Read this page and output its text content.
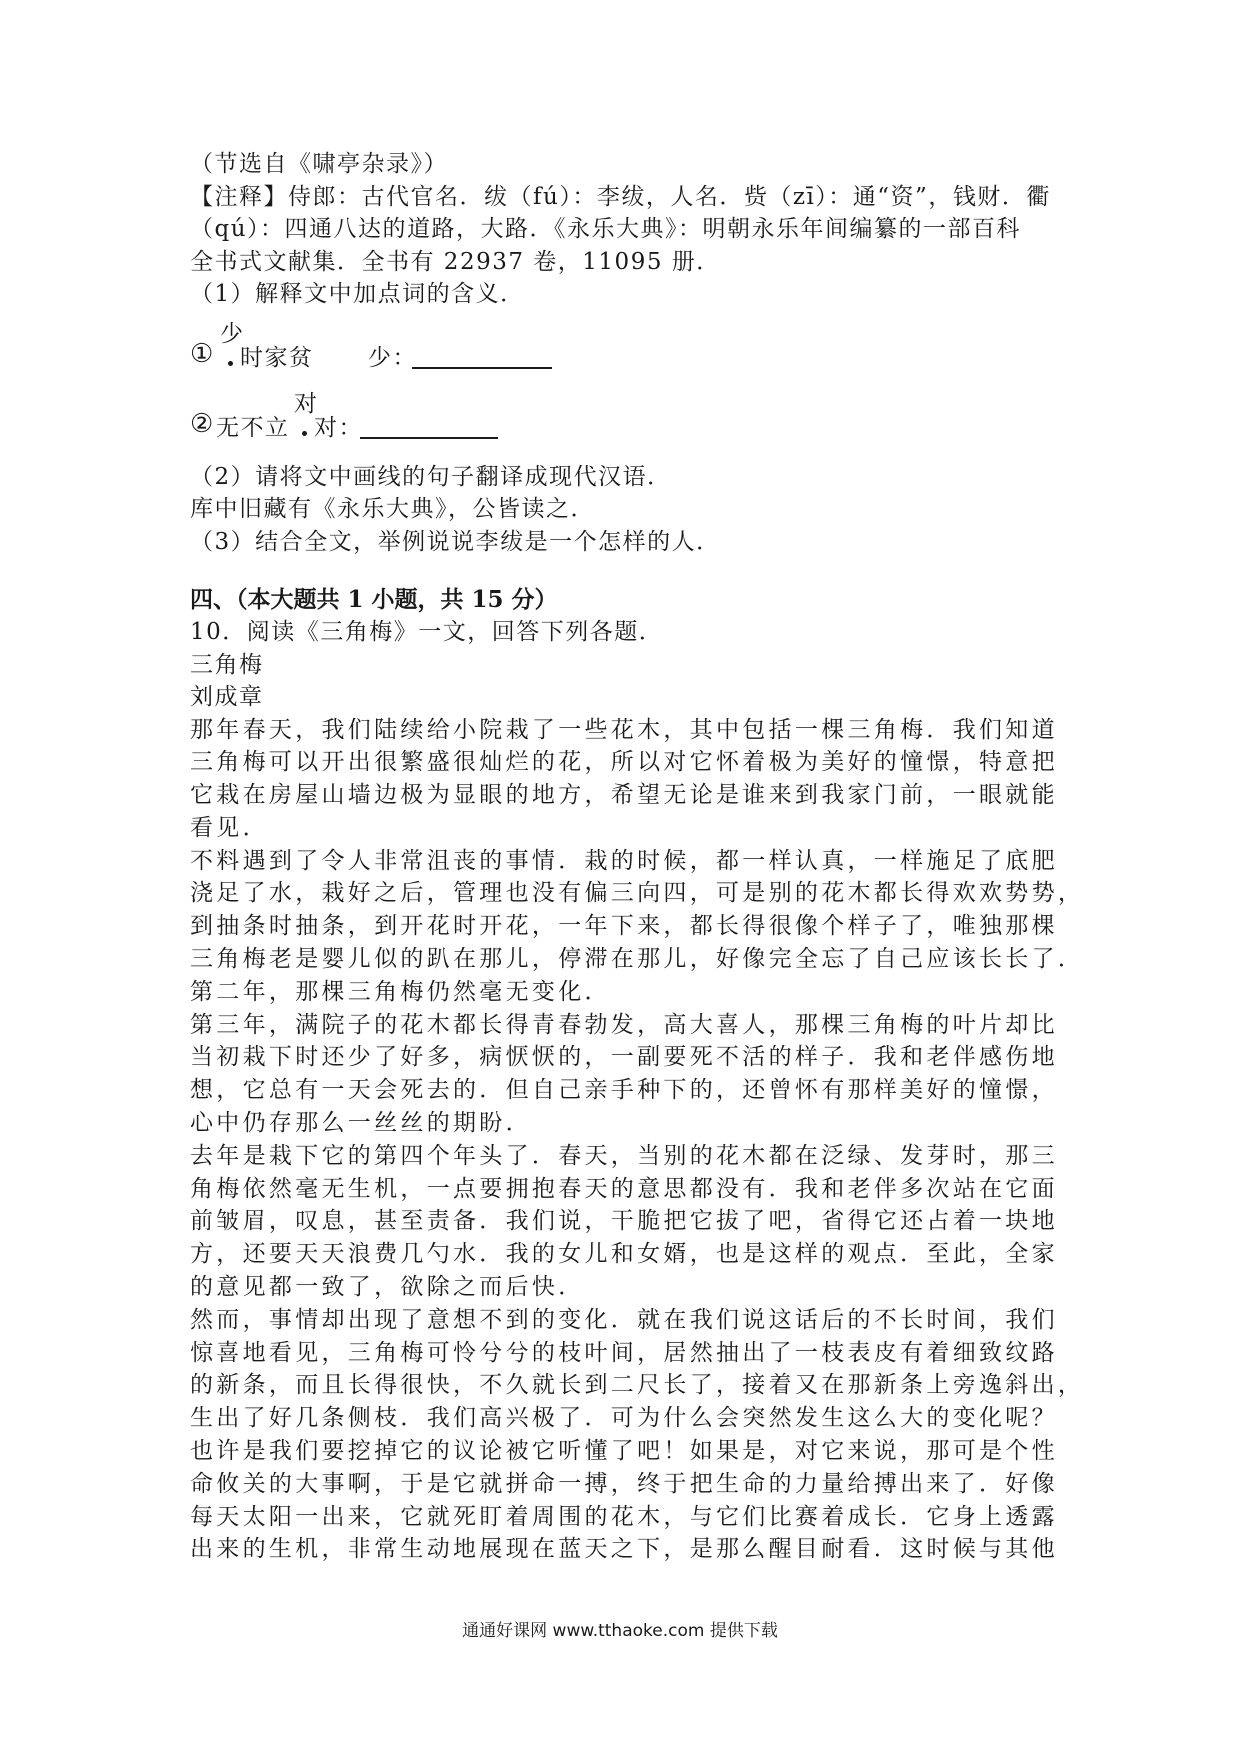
（节选自《啸亭杂录》）
【注释】侍郎：古代官名．绂（fú）：李绂，人名．赀（zī）：通“资”，钱财．衢
（qú）：四通八达的道路，大路．《永乐大典》：明朝永乐年间编纂的一部百科
全书式文献集．全书有 22937 卷，11095 册．
（1）解释文中加点词的含义．
①
少
时家贫 少：
② 无不立
对
对：
（2）请将文中画线的句子翻译成现代汉语．
库中旧藏有《永乐大典》，公皆读之．
（3）结合全文，举例说说李绂是一个怎样的人．
四、（本大题共 1 小题，共 15 分）
10．阅读《三角梅》一文，回答下列各题．
三角梅
刘成章
那年春天，我们陆续给小院栽了一些花木，其中包括一棵三角梅．我们知道
三角梅可以开出很繁盛很灿烂的花，所以对它怀着极为美好的憧憬，特意把
它栽在房屋山墙边极为显眼的地方，希望无论是谁来到我家门前，一眼就能
看见．
不料遇到了令人非常沮丧的事情．栽的时候，都一样认真，一样施足了底肥
浇足了水，栽好之后，管理也没有偏三向四，可是别的花木都长得欢欢势势，
到抽条时抽条，到开花时开花，一年下来，都长得很像个样子了，唯独那棵
三角梅老是婴儿似的趴在那儿，停滞在那儿，好像完全忘了自己应该长长了．
第二年，那棵三角梅仍然毫无变化．
第三年，满院子的花木都长得青春勃发，高大喜人，那棵三角梅的叶片却比
当初栽下时还少了好多，病恹恹的，一副要死不活的样子．我和老伴感伤地
想，它总有一天会死去的．但自己亲手种下的，还曾怀有那样美好的憧憬，
心中仍存那么一丝丝的期盼．
去年是栽下它的第四个年头了．春天，当别的花木都在泛绿、发芽时，那三
角梅依然毫无生机，一点要拥抱春天的意思都没有．我和老伴多次站在它面
前皱眉，叹息，甚至责备．我们说，干脆把它拔了吧，省得它还占着一块地
方，还要天天浪费几勺水．我的女儿和女婿，也是这样的观点．至此，全家
的意见都一致了，欲除之而后快．
然而，事情却出现了意想不到的变化．就在我们说这话后的不长时间，我们
惊喜地看见，三角梅可怜兮兮的枝叶间，居然抽出了一枝表皮有着细致纹路
的新条，而且长得很快，不久就长到二尺长了，接着又在那新条上旁逸斜出，
生出了好几条侧枝．我们高兴极了．可为什么会突然发生这么大的变化呢？
也许是我们要挖掉它的议论被它听懂了吧！如果是，对它来说，那可是个性
命攸关的大事啊，于是它就拼命一搏，终于把生命的力量给搏出来了．好像
每天太阳一出来，它就死盯着周围的花木，与它们比赛着成长．它身上透露
出来的生机，非常生动地展现在蓝天之下，是那么醒目耐看．这时候与其他
通通好课网 www.tthaoke.com 提供下载
